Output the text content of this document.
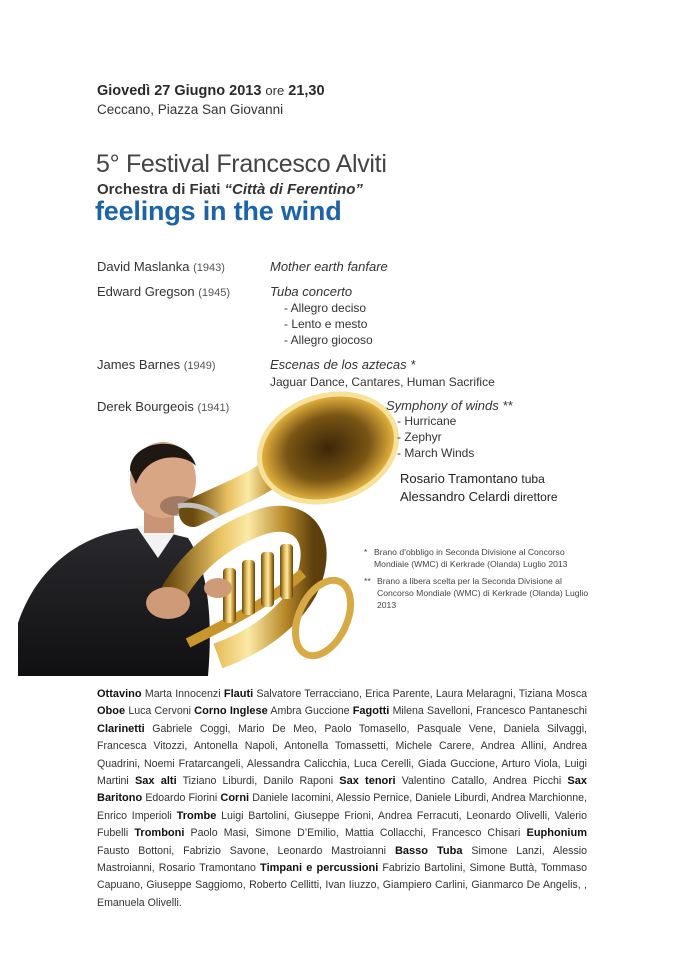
Giovedì 27 Giugno 2013 ore 21,30
Ceccano, Piazza San Giovanni
5° Festival Francesco Alviti
Orchestra di Fiati “Città di Ferentino”
feelings in the wind
David Maslanka (1943)	Mother earth fanfare
Edward Gregson (1945)	Tuba concerto
- Allegro deciso
- Lento e mesto
- Allegro giocoso
James Barnes (1949)	Escenas de los aztecas *
Jaguar Dance, Cantares, Human Sacrifice
Derek Bourgeois (1941)	Symphony of winds **
- Hurricane
- Zephyr
- March Winds
Rosario Tramontano tuba
Alessandro Celardi direttore
* Brano d’obbligo in Seconda Divisione al Concorso Mondiale (WMC) di Kerkrade (Olanda) Luglio 2013
** Brano a libera scelta per la Seconda Divisione al Concorso Mondiale (WMC) di Kerkrade (Olanda) Luglio 2013
Ottavino Marta Innocenzi Flauti Salvatore Terracciano, Erica Parente, Laura Melaragni, Tiziana Mosca Oboe Luca Cervoni Corno Inglese Ambra Guccione Fagotti Milena Savelloni, Francesco Pantaneschi Clarinetti Gabriele Coggi, Mario De Meo, Paolo Tomasello, Pasquale Vene, Daniela Silvaggi, Francesca Vitozzi, Antonella Napoli, Antonella Tomassetti, Michele Carere, Andrea Allini, Andrea Quadrini, Noemi Fratarcangeli, Alessandra Calicchia, Luca Cerelli, Giada Guccione, Arturo Viola, Luigi Martini Sax alti Tiziano Liburdi, Danilo Raponi Sax tenori Valentino Catallo, Andrea Picchi Sax Baritono Edoardo Fiorini Corni Daniele Iacomini, Alessio Pernice, Daniele Liburdi, Andrea Marchionne, Enrico Imperioli Trombe Luigi Bartolini, Giuseppe Frioni, Andrea Ferracuti, Leonardo Olivelli, Valerio Fubelli Tromboni Paolo Masi, Simone D’Emilio, Mattia Collacchi, Francesco Chisari Euphonium Fausto Bottoni, Fabrizio Savone, Leonardo Mastroianni Basso Tuba Simone Lanzi, Alessio Mastroianni, Rosario Tramontano Timpani e percussioni Fabrizio Bartolini, Simone Buttà, Tommaso Capuano, Giuseppe Saggiomo, Roberto Cellitti, Ivan Iiuzzo, Giampiero Carlini, Gianmarco De Angelis, , Emanuela Olivelli.
